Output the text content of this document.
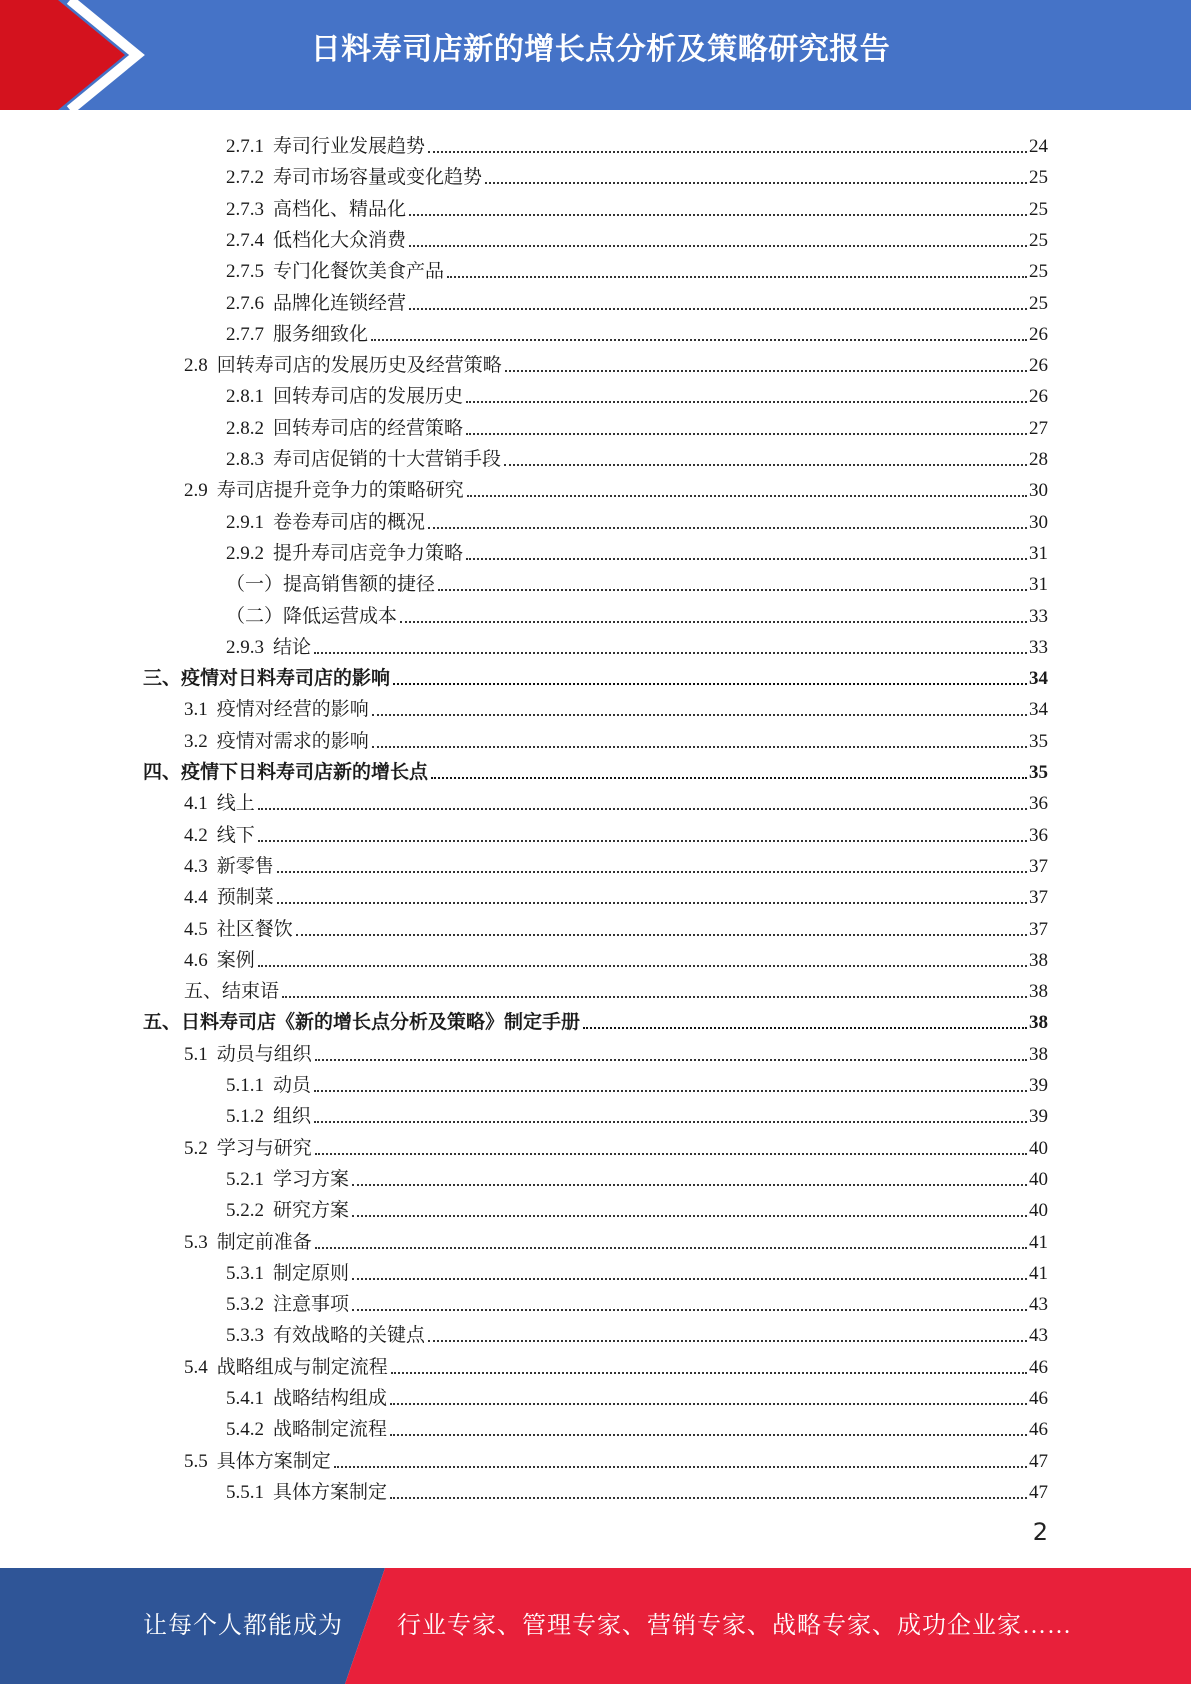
日料寿司店新的增长点分析及策略研究报告
2.7.1 寿司行业发展趋势	24
2.7.2 寿司市场容量或变化趋势	25
2.7.3 高档化、精品化	25
2.7.4 低档化大众消费	25
2.7.5 专门化餐饮美食产品	25
2.7.6 品牌化连锁经营	25
2.7.7 服务细致化	26
2.8 回转寿司店的发展历史及经营策略	26
2.8.1 回转寿司店的发展历史	26
2.8.2 回转寿司店的经营策略	27
2.8.3 寿司店促销的十大营销手段	28
2.9 寿司店提升竞争力的策略研究	30
2.9.1 卷卷寿司店的概况	30
2.9.2 提升寿司店竞争力策略	31
（一）提高销售额的捷径	31
（二）降低运营成本	33
2.9.3 结论	33
三、疫情对日料寿司店的影响	34
3.1 疫情对经营的影响	34
3.2 疫情对需求的影响	35
四、疫情下日料寿司店新的增长点	35
4.1 线上	36
4.2 线下	36
4.3 新零售	37
4.4 预制菜	37
4.5 社区餐饮	37
4.6 案例	38
五、结束语	38
五、日料寿司店《新的增长点分析及策略》制定手册	38
5.1 动员与组织	38
5.1.1 动员	39
5.1.2 组织	39
5.2 学习与研究	40
5.2.1 学习方案	40
5.2.2 研究方案	40
5.3 制定前准备	41
5.3.1 制定原则	41
5.3.2 注意事项	43
5.3.3 有效战略的关键点	43
5.4 战略组成与制定流程	46
5.4.1 战略结构组成	46
5.4.2 战略制定流程	46
5.5 具体方案制定	47
5.5.1 具体方案制定	47
2
让每个人都能成为 行业专家、管理专家、营销专家、战略专家、成功企业家……
